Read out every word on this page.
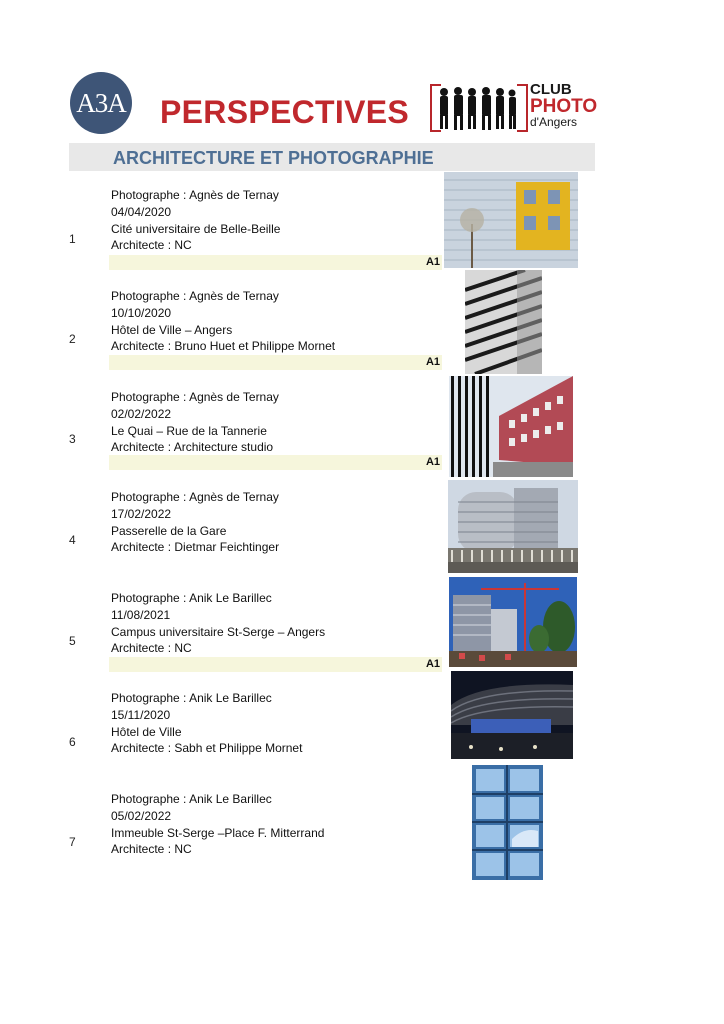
A3A PERSPECTIVES
CLUB
PHOTO
d'Angers
ARCHITECTURE ET PHOTOGRAPHIE
1
Photographe : Agnès de Ternay
04/04/2020
Cité universitaire de Belle-Beille
Architecte : NC
A1
2
Photographe : Agnès de Ternay
10/10/2020
Hôtel de Ville – Angers
Architecte : Bruno Huet et Philippe Mornet
A1
3
Photographe : Agnès de Ternay
02/02/2022
Le Quai – Rue de la Tannerie
Architecte : Architecture studio
A1
4
Photographe : Agnès de Ternay
17/02/2022
Passerelle de la Gare
Architecte : Dietmar Feichtinger
5
Photographe : Anik Le Barillec
11/08/2021
Campus universitaire St-Serge – Angers
Architecte : NC
A1
6
Photographe : Anik Le Barillec
15/11/2020
Hôtel de Ville
Architecte : Sabh et Philippe Mornet
7
Photographe : Anik Le Barillec
05/02/2022
Immeuble St-Serge –Place F. Mitterrand
Architecte : NC
